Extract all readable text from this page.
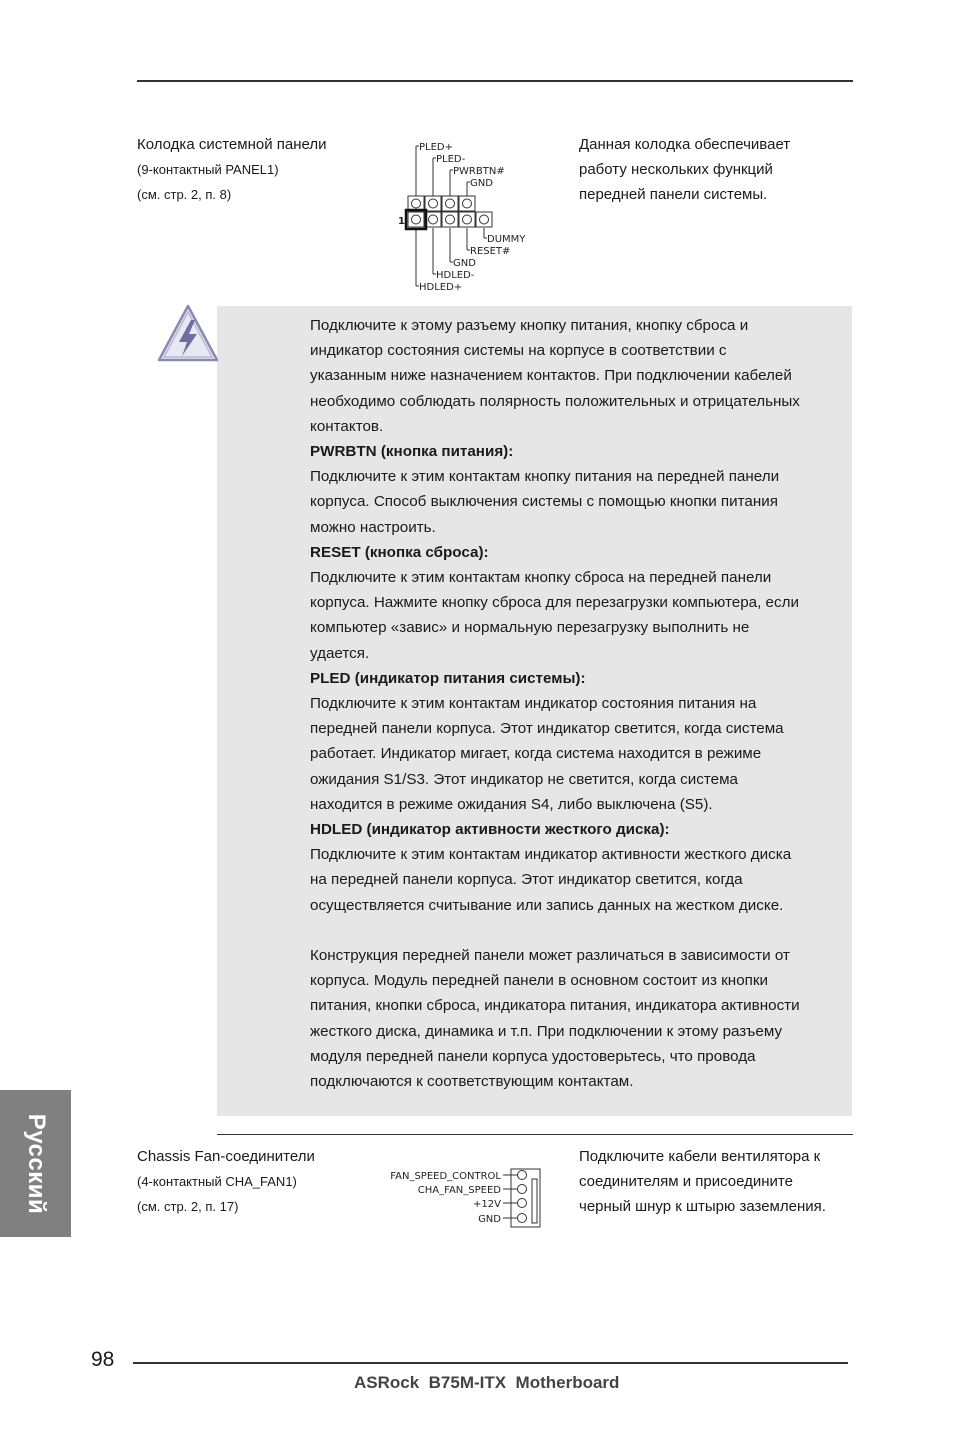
Колодка системной панели
(9-контактный PANEL1)
(см. стр. 2, п. 8)
Данная колодка обеспечивает
работу нескольких функций
передней панели системы.
1
PLED+
PLED-
PWRBTN#
GND
DUMMY
RESET#
GND
HDLED-
HDLED+

Подключите к этому разъему кнопку питания, кнопку сброса и

индикатор состояния системы на корпусе в соответствии с

указанным ниже назначением контактов. При подключении кабелей

необходимо соблюдать полярность положительных и отрицательных

контактов.

PWRBTN (кнопка питания):

Подключите к этим контактам кнопку питания на передней панели

корпуса. Способ выключения системы с помощью кнопки питания

можно настроить.

RESET (кнопка сброса):

Подключите к этим контактам кнопку сброса на передней панели

корпуса. Нажмите кнопку сброса для перезагрузки компьютера, если

компьютер «завис» и нормальную перезагрузку выполнить не

удается.

PLED (индикатор питания системы):

Подключите к этим контактам индикатор состояния питания на

передней панели корпуса. Этот индикатор светится, когда система

работает. Индикатор мигает, когда система находится в режиме

ожидания S1/S3. Этот индикатор не светится, когда система

находится в режиме ожидания S4, либо выключена (S5).

HDLED (индикатор активности жесткого диска):

Подключите к этим контактам индикатор активности жесткого диска

на передней панели корпуса. Этот индикатор светится, когда

осуществляется считывание или запись данных на жестком диске.

Конструкция передней панели может различаться в зависимости от

корпуса. Модуль передней панели в основном состоит из кнопки

питания, кнопки сброса, индикатора питания, индикатора активности

жесткого диска, динамика и т.п. При подключении к этому разъему

модуля передней панели корпуса удостоверьтесь, что провода

подключаются к соответствующим контактам.

Chassis Fan-соединители
(4-контактный CHA_FAN1)
(см. стр. 2, п. 17)
Подключите кабели вентилятора к
соединителям и присоедините
черный шнур к штырю заземления.
FAN_SPEED_CONTROL
CHA_FAN_SPEED
+12V
GND
Русский
98
ASRock  B75M-ITX  Motherboard
